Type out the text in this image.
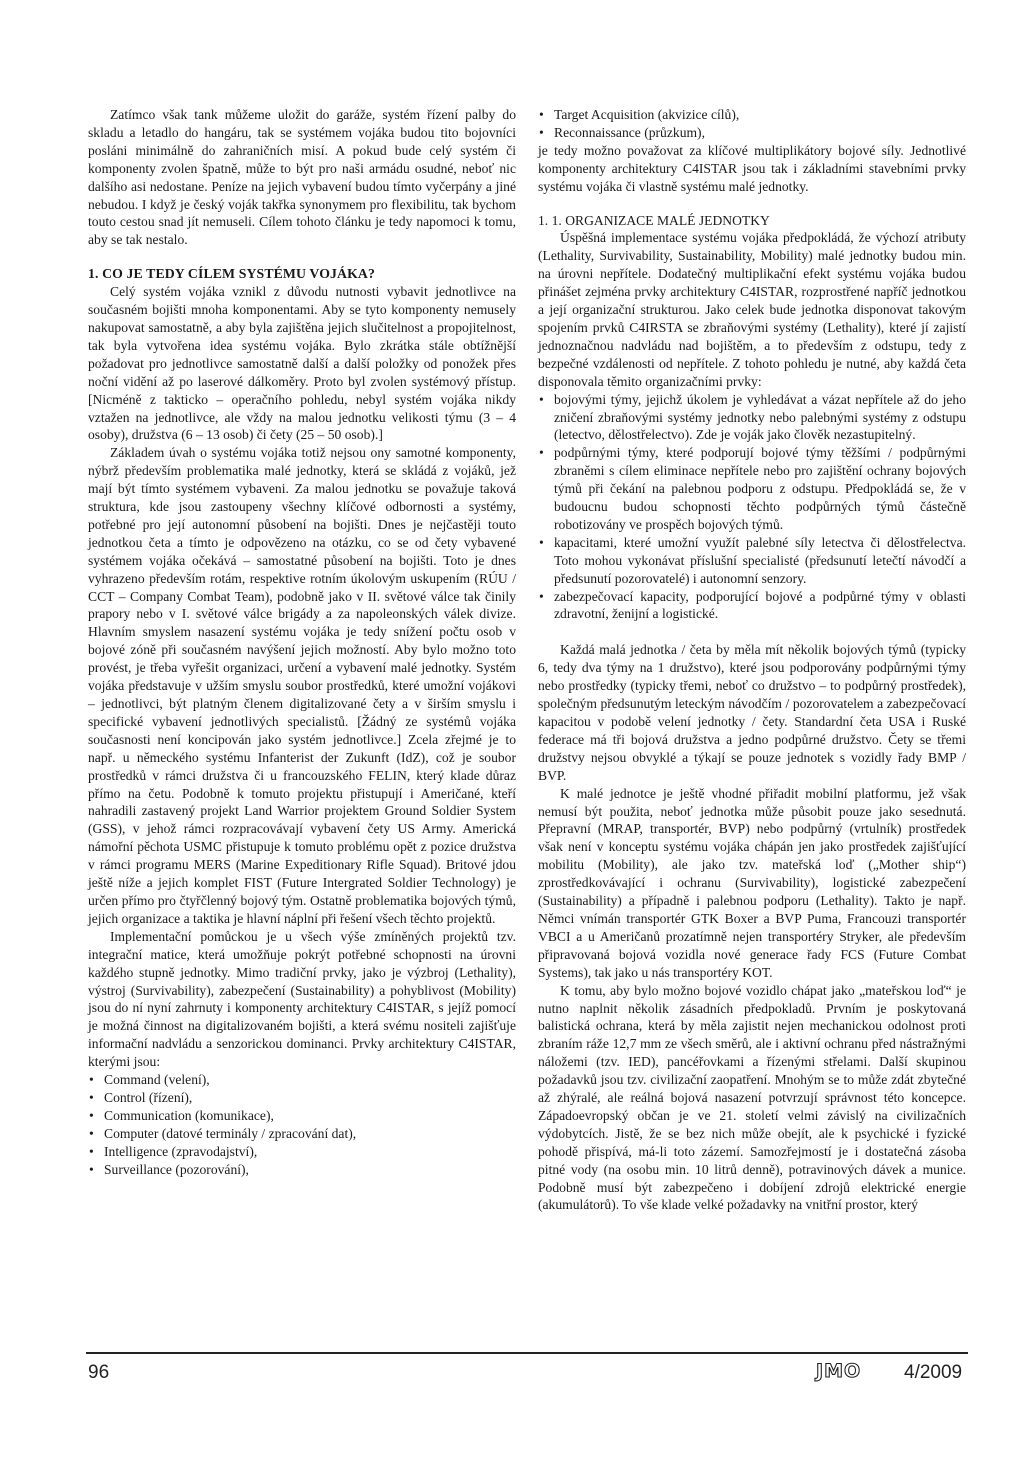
Zatímco však tank můžeme uložit do garáže, systém řízení palby do skladu a letadlo do hangáru, tak se systémem vojáka budou tito bojovníci posláni minimálně do zahraničních misí. A pokud bude celý systém či komponenty zvolen špatně, může to být pro naši armádu osudné, neboť nic dalšího asi nedostane. Peníze na jejich vybavení budou tímto vyčerpány a jiné nebudou. I když je český voják takřka synonymem pro flexibilitu, tak bychom touto cestou snad jít nemuseli. Cílem tohoto článku je tedy napomoci k tomu, aby se tak nestalo.

1. CO JE TEDY CÍLEM SYSTÉMU VOJÁKA?

Celý systém vojáka vznikl z důvodu nutnosti vybavit jednotlivce na současném bojišti mnoha komponentami. Aby se tyto komponenty nemusely nakupovat samostatně, a aby byla zajištěna jejich slučitelnost a propojitelnost, tak byla vytvořena idea systému vojáka. Bylo zkrátka stále obtížnější požadovat pro jednotlivce samostatně další a další položky od ponožek přes noční vidění až po laserové dálkoměry. Proto byl zvolen systémový přístup. [Nicméně z takticko – operačního pohledu, nebyl systém vojáka nikdy vztažen na jednotlivce, ale vždy na malou jednotku velikosti týmu (3 – 4 osoby), družstva (6 – 13 osob) či čety (25 – 50 osob).]

Základem úvah o systému vojáka totiž nejsou ony samotné komponenty, nýbrž především problematika malé jednotky, která se skládá z vojáků, jež mají být tímto systémem vybaveni. Za malou jednotku se považuje taková struktura, kde jsou zastoupeny všechny klíčové odbornosti a systémy, potřebné pro její autonomní působení na bojišti. Dnes je nejčastěji touto jednotkou četa a tímto je odpovězeno na otázku, co se od čety vybavené systémem vojáka očekává – samostatné působení na bojišti. Toto je dnes vyhrazeno především rotám, respektive rotním úkolovým uskupením (RÚU / CCT – Company Combat Team), podobně jako v II. světové válce tak činily prapory nebo v I. světové válce brigády a za napoleonských válek divize. Hlavním smyslem nasazení systému vojáka je tedy snížení počtu osob v bojové zóně při současném navýšení jejich možností. Aby bylo možno toto provést, je třeba vyřešit organizaci, určení a vybavení malé jednotky. Systém vojáka představuje v užším smyslu soubor prostředků, které umožní vojákovi – jednotlivci, být platným členem digitalizované čety a v širším smyslu i specifické vybavení jednotlivých specialistů. [Žádný ze systémů vojáka současnosti není koncipován jako systém jednotlivce.] Zcela zřejmé je to např. u německého systému Infanterist der Zukunft (IdZ), což je soubor prostředků v rámci družstva či u francouzského FELIN, který klade důraz přímo na četu. Podobně k tomuto projektu přistupují i Američané, kteří nahradili zastavený projekt Land Warrior projektem Ground Soldier System (GSS), v jehož rámci rozpracovávají vybavení čety US Army. Americká námořní pěchota USMC přistupuje k tomuto problému opět z pozice družstva v rámci programu MERS (Marine Expeditionary Rifle Squad). Britové jdou ještě níže a jejich komplet FIST (Future Intergrated Soldier Technology) je určen přímo pro čtyřčlenný bojový tým. Ostatně problematika bojových týmů, jejich organizace a taktika je hlavní náplní při řešení všech těchto projektů.

Implementační pomůckou je u všech výše zmíněných projektů tzv. integrační matice, která umožňuje pokrýt potřebné schopnosti na úrovni každého stupně jednotky. Mimo tradiční prvky, jako je výzbroj (Lethality), výstroj (Survivability), zabezpečení (Sustainability) a pohyblivost (Mobility) jsou do ní nyní zahrnuty i komponenty architektury C4ISTAR, s jejíž pomocí je možná činnost na digitalizovaném bojišti, a která svému nositeli zajišťuje informační nadvládu a senzorickou dominanci. Prvky architektury C4ISTAR, kterými jsou:

• Command (velení),
• Control (řízení),
• Communication (komunikace),
• Computer (datové terminály / zpracování dat),
• Intelligence (zpravodajství),
• Surveillance (pozorování),
• Target Acquisition (akvizice cílů),
• Reconnaissance (průzkum),

je tedy možno považovat za klíčové multiplikátory bojové síly. Jednotlivé komponenty architektury C4ISTAR jsou tak i základními stavebními prvky systému vojáka či vlastně systému malé jednotky.

1. 1. ORGANIZACE MALÉ JEDNOTKY

Úspěšná implementace systému vojáka předpokládá, že výchozí atributy (Lethality, Survivability, Sustainability, Mobility) malé jednotky budou min. na úrovni nepřítele. Dodatečný multiplikační efekt systému vojáka budou přinášet zejména prvky architektury C4ISTAR, rozprostřené napříč jednotkou a její organizační strukturou. Jako celek bude jednotka disponovat takovým spojením prvků C4IRSTA se zbraňovými systémy (Lethality), které jí zajistí jednoznačnou nadvládu nad bojištěm, a to především z odstupu, tedy z bezpečné vzdálenosti od nepřítele. Z tohoto pohledu je nutné, aby každá četa disponovala těmito organizačními prvky:

• bojovými týmy, jejichž úkolem je vyhledávat a vázat nepřítele až do jeho zničení zbraňovými systémy jednotky nebo palebnými systémy z odstupu (letectvo, dělostřelectvo). Zde je voják jako člověk nezastupitelný.
• podpůrnými týmy, které podporují bojové týmy těžšími / podpůrnými zbraněmi s cílem eliminace nepřítele nebo pro zajištění ochrany bojových týmů při čekání na palebnou podporu z odstupu. Předpokládá se, že v budoucnu budou schopnosti těchto podpůrných týmů částečně robotizovány ve prospěch bojových týmů.
• kapacitami, které umožní využít palebné síly letectva či dělostřelectva. Toto mohou vykonávat příslušní specialisté (předsunutí letečtí návodčí a předsunutí pozorovatelé) i autonomní senzory.
• zabezpečovací kapacity, podporující bojové a podpůrné týmy v oblasti zdravotní, ženijní a logistické.

Každá malá jednotka / četa by měla mít několik bojových týmů (typicky 6, tedy dva týmy na 1 družstvo), které jsou podporovány podpůrnými týmy nebo prostředky (typicky třemi, neboť co družstvo – to podpůrný prostředek), společným předsunutým leteckým návodčím / pozorovatelem a zabezpečovací kapacitou v podobě velení jednotky / čety. Standardní četa USA i Ruské federace má tři bojová družstva a jedno podpůrné družstvo. Čety se třemi družstvy nejsou obvyklé a týkají se pouze jednotek s vozidly řady BMP / BVP.

K malé jednotce je ještě vhodné přiřadit mobilní platformu, jež však nemusí být použita, neboť jednotka může působit pouze jako sesednutá. Přepravní (MRAP, transportér, BVP) nebo podpůrný (vrtulník) prostředek však není v konceptu systému vojáka chápán jen jako prostředek zajišťující mobilitu (Mobility), ale jako tzv. mateřská loď („Mother ship“) zprostředkovávající i ochranu (Survivability), logistické zabezpečení (Sustainability) a případně i palebnou podporu (Lethality). Takto je např. Němci vnímán transportér GTK Boxer a BVP Puma, Francouzi transportér VBCI a u Američanů prozatímně nejen transportéry Stryker, ale především připravovaná bojová vozidla nové generace řady FCS (Future Combat Systems), tak jako u nás transportéry KOT.

K tomu, aby bylo možno bojové vozidlo chápat jako „mateřskou loď“ je nutno naplnit několik zásadních předpokladů. Prvním je poskytovaná balistická ochrana, která by měla zajistit nejen mechanickou odolnost proti zbraním ráže 12,7 mm ze všech směrů, ale i aktivní ochranu před nástražnými náložemi (tzv. IED), pancéřovkami a řízenými střelami. Další skupinou požadavků jsou tzv. civilizační zaopatření. Mnohým se to může zdát zbytečné až zhýralé, ale reálná bojová nasazení potvrzují správnost této koncepce. Západoevropský občan je ve 21. století velmi závislý na civilizačních výdobytcích. Jistě, že se bez nich může obejít, ale k psychické i fyzické pohodě přispívá, má-li toto zázemí. Samozřejmostí je i dostatečná zásoba pitné vody (na osobu min. 10 litrů denně), potravinových dávek a munice. Podobně musí být zabezpečeno i dobíjení zdrojů elektrické energie (akumulátorů). To vše klade velké požadavky na vnitřní prostor, který

96	JMO 4/2009
